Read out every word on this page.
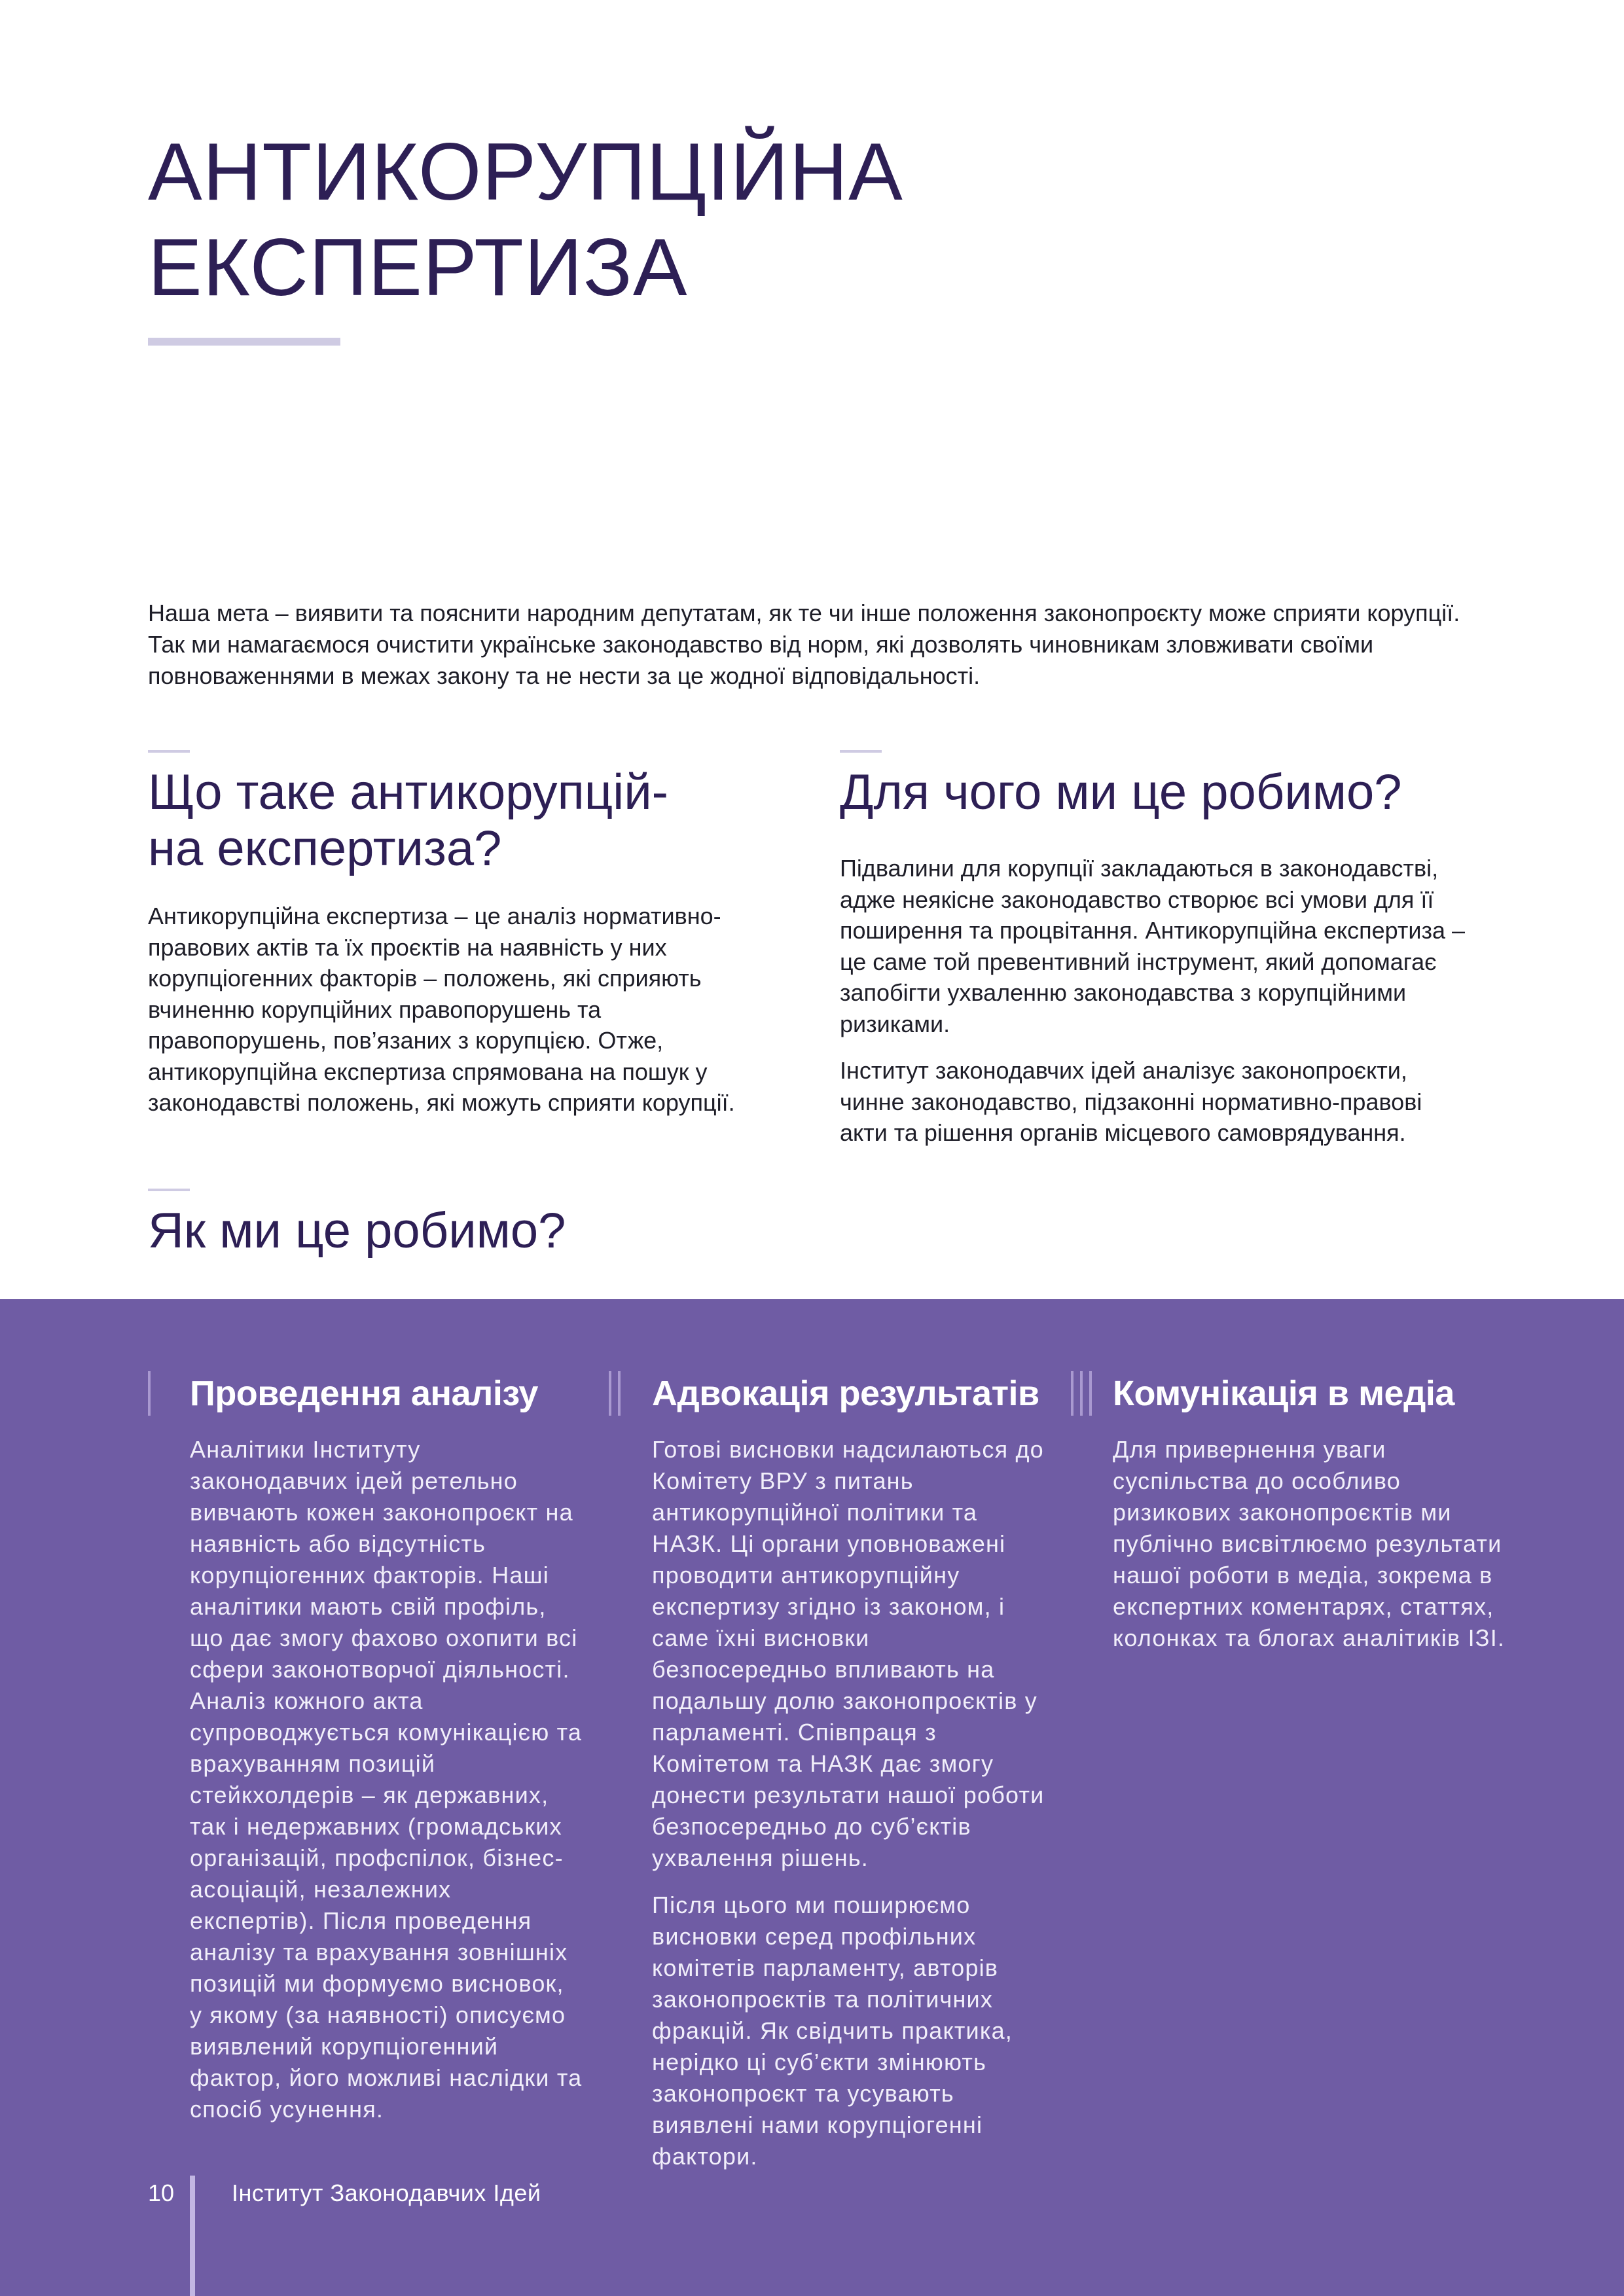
АНТИКОРУПЦІЙНА
ЕКСПЕРТИЗА

Наша мета – виявити та пояснити народним депутатам, як те чи інше положення законопроєкту може сприяти корупції. Так ми намагаємося очистити українське законодавство від норм, які дозволять чиновникам зловживати своїми повноваженнями в межах закону та не нести за це жодної відповідальності.

Що таке антикорупцій-
на експертиза?

Антикорупційна експертиза – це аналіз нормативно-правових актів та їх проєктів на наявність у них корупціогенних факторів – положень, які сприяють вчиненню корупційних правопорушень та правопорушень, пов’язаних з корупцією. Отже, антикорупційна експертиза спрямована на пошук у законодавстві положень, які можуть сприяти корупції.

Для чого ми це робимо?

Підвалини для корупції закладаються в законодавстві, адже неякісне законодавство створює всі умови для її поширення та процвітання. Антикорупційна експертиза – це саме той превентивний інструмент, який допомагає запобігти ухваленню законодавства з корупційними ризиками.

Інститут законодавчих ідей аналізує законопроєкти, чинне законодавство, підзаконні нормативно-правові акти та рішення органів місцевого самоврядування.

Як ми це робимо?
Проведення аналізу

Аналітики Інституту законодавчих ідей ретельно вивчають кожен законопроєкт на наявність або відсутність корупціогенних факторів. Наші аналітики мають свій профіль, що дає змогу фахово охопити всі сфери законотворчої діяльності. Аналіз кожного акта супроводжується комунікацією та врахуванням позицій стейкхолдерів – як державних, так і недержавних (громадських організацій, профспілок, бізнес-асоціацій, незалежних експертів). Після проведення аналізу та врахування зовнішніх позицій ми формуємо висновок, у якому (за наявності) описуємо виявлений корупціогенний фактор, його можливі наслідки та спосіб усунення.

Адвокація результатів

Готові висновки надсилаються до Комітету ВРУ з питань антикорупційної політики та НАЗК. Ці органи уповноважені проводити антикорупційну експертизу згідно із законом, і саме їхні висновки безпосередньо впливають на подальшу долю законопроєктів у парламенті. Співпраця з Комітетом та НАЗК дає змогу донести результати нашої роботи безпосередньо до суб’єктів ухвалення рішень.

Після цього ми поширюємо висновки серед профільних комітетів парламенту, авторів законопроєктів та політичних фракцій. Як свідчить практика, нерідко ці суб’єкти змінюють законопроєкт та усувають виявлені нами корупціогенні фактори.

Комунікація в медіа

Для привернення уваги суспільства до особливо ризикових законопроєктів ми публічно висвітлюємо результати нашої роботи в медіа, зокрема в експертних коментарях, статтях, колонках та блогах аналітиків ІЗІ.

10 Інститут Законодавчих Ідей
